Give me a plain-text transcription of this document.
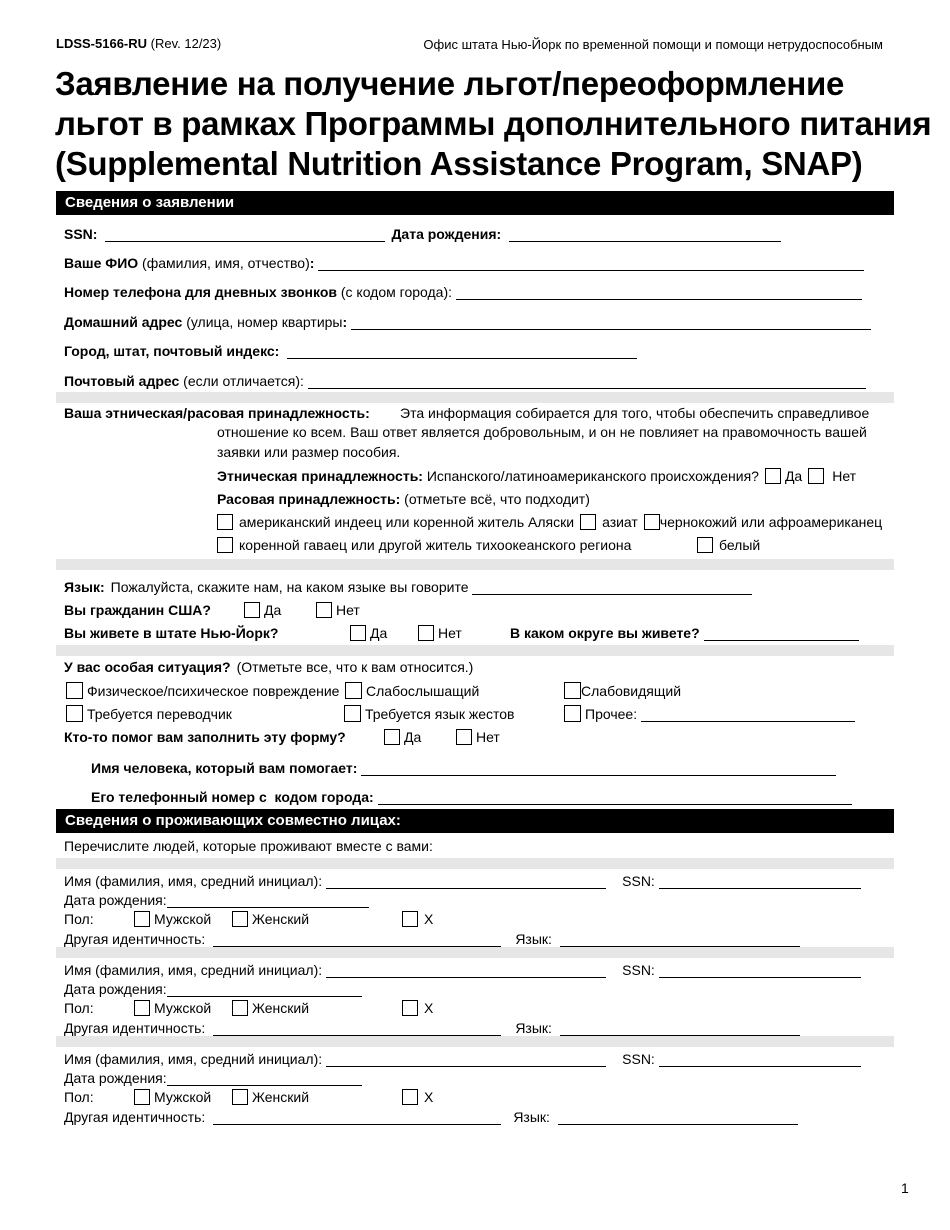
LDSS-5166-RU (Rev. 12/23)	Офис штата Нью-Йорк по временной помощи и помощи нетрудоспособным
Заявление на получение льгот/переоформление
льгот в рамках Программы дополнительного питания
(Supplemental Nutrition Assistance Program, SNAP)
Сведения о заявлении
SSN:	Дата рождения:
Ваше ФИО (фамилия, имя, отчество) :
Номер телефона для дневных звонков (с кодом города):
Домашний адрес (улица, номер квартиры :
Город, штат, почтовый индекс:
Почтовый адрес (если отличается):
Ваша этническая/расовая принадлежность: Эта информация собирается для того, чтобы обеспечить справедливое
отношение ко всем. Ваш ответ является добровольным, и он не повлияет на правомочность вашей
заявки или размер пособия.
Этническая принадлежность: Испанского/латиноамериканского происхождения? Да Нет
Расовая принадлежность: (отметьте всё, что подходит)
американский индеец или коренной житель Аляски азиат чернокожий или афроамериканец
коренной гаваец или другой житель тихоокеанского региона	белый
Язык: Пожалуйста, скажите нам, на каком языке вы говорите
Вы гражданин США?	Да	Нет
Вы живете в штате Нью-Йорк?	Да	Нет	В каком округе вы живете?
У вас особая ситуация? (Отметьте все, что к вам относится.)
Физическое/психическое повреждение	Слабослышащий	Слабовидящий
Требуется переводчик	Требуется язык жестов	Прочее:
Кто-то помог вам заполнить эту форму?	Да	Нет
Имя человека, который вам помогает:
Его телефонный номер с  кодом города:
Сведения о проживающих совместно лицах:
Перечислите людей, которые проживают вместе с вами:
Имя (фамилия, имя, средний инициал):	SSN:
Дата рождения:
Пол:	Мужской	Женский	X
Другая идентичность:	Язык:
Имя (фамилия, имя, средний инициал):	SSN:
Дата рождения:
Пол:	Мужской	Женский	X
Другая идентичность:	Язык:
Имя (фамилия, имя, средний инициал):	SSN:
Дата рождения:
Пол:	Мужской	Женский	X
Другая идентичность:	Язык:
1
